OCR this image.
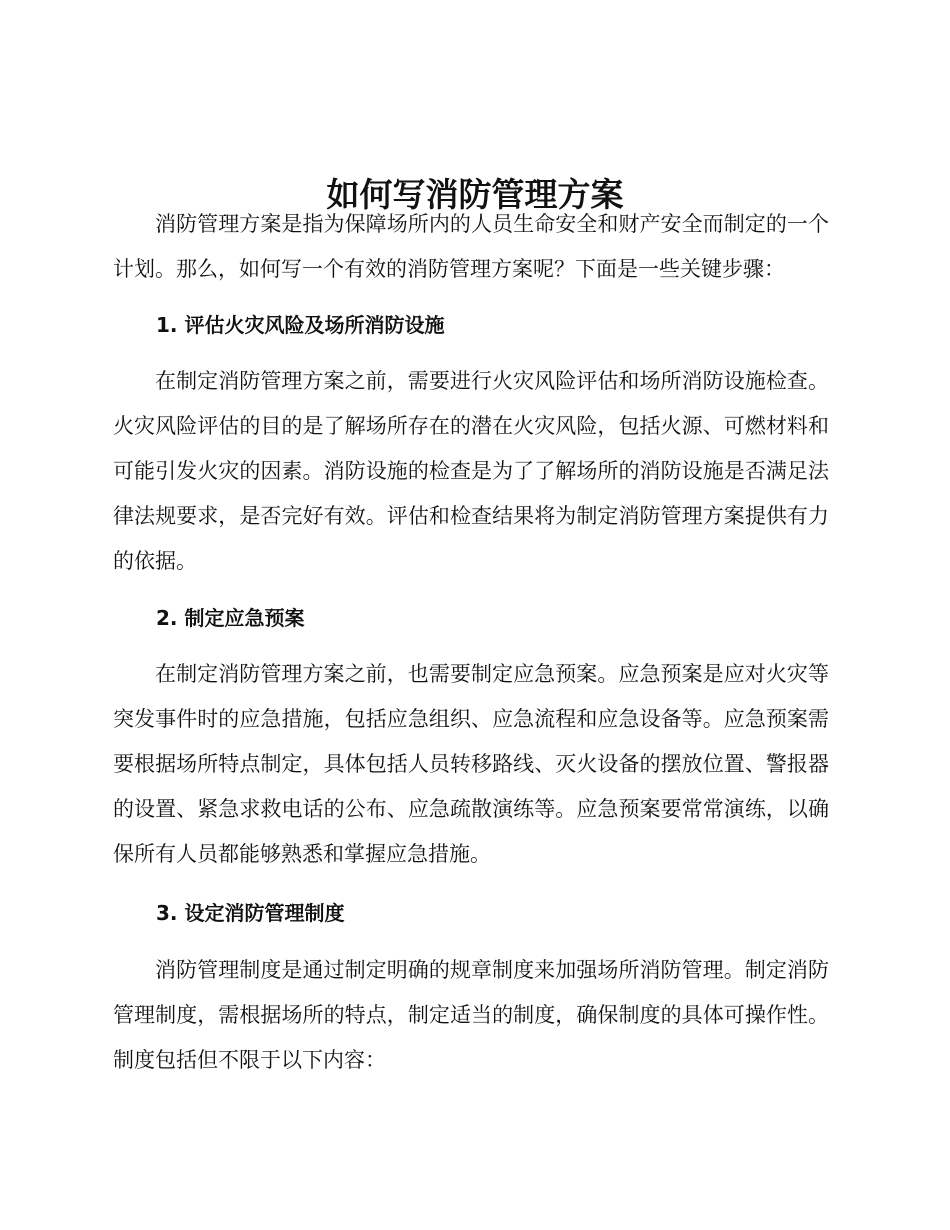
如何写消防管理方案

消防管理方案是指为保障场所内的人员生命安全和财产安全而制定的一个计划。那么，如何写一个有效的消防管理方案呢？下面是一些关键步骤：

1. 评估火灾风险及场所消防设施

在制定消防管理方案之前，需要进行火灾风险评估和场所消防设施检查。火灾风险评估的目的是了解场所存在的潜在火灾风险，包括火源、可燃材料和可能引发火灾的因素。消防设施的检查是为了了解场所的消防设施是否满足法律法规要求，是否完好有效。评估和检查结果将为制定消防管理方案提供有力的依据。

2. 制定应急预案

在制定消防管理方案之前，也需要制定应急预案。应急预案是应对火灾等突发事件时的应急措施，包括应急组织、应急流程和应急设备等。应急预案需要根据场所特点制定，具体包括人员转移路线、灭火设备的摆放位置、警报器的设置、紧急求救电话的公布、应急疏散演练等。应急预案要常常演练，以确保所有人员都能够熟悉和掌握应急措施。

3. 设定消防管理制度

消防管理制度是通过制定明确的规章制度来加强场所消防管理。制定消防管理制度，需根据场所的特点，制定适当的制度，确保制度的具体可操作性。制度包括但不限于以下内容：
